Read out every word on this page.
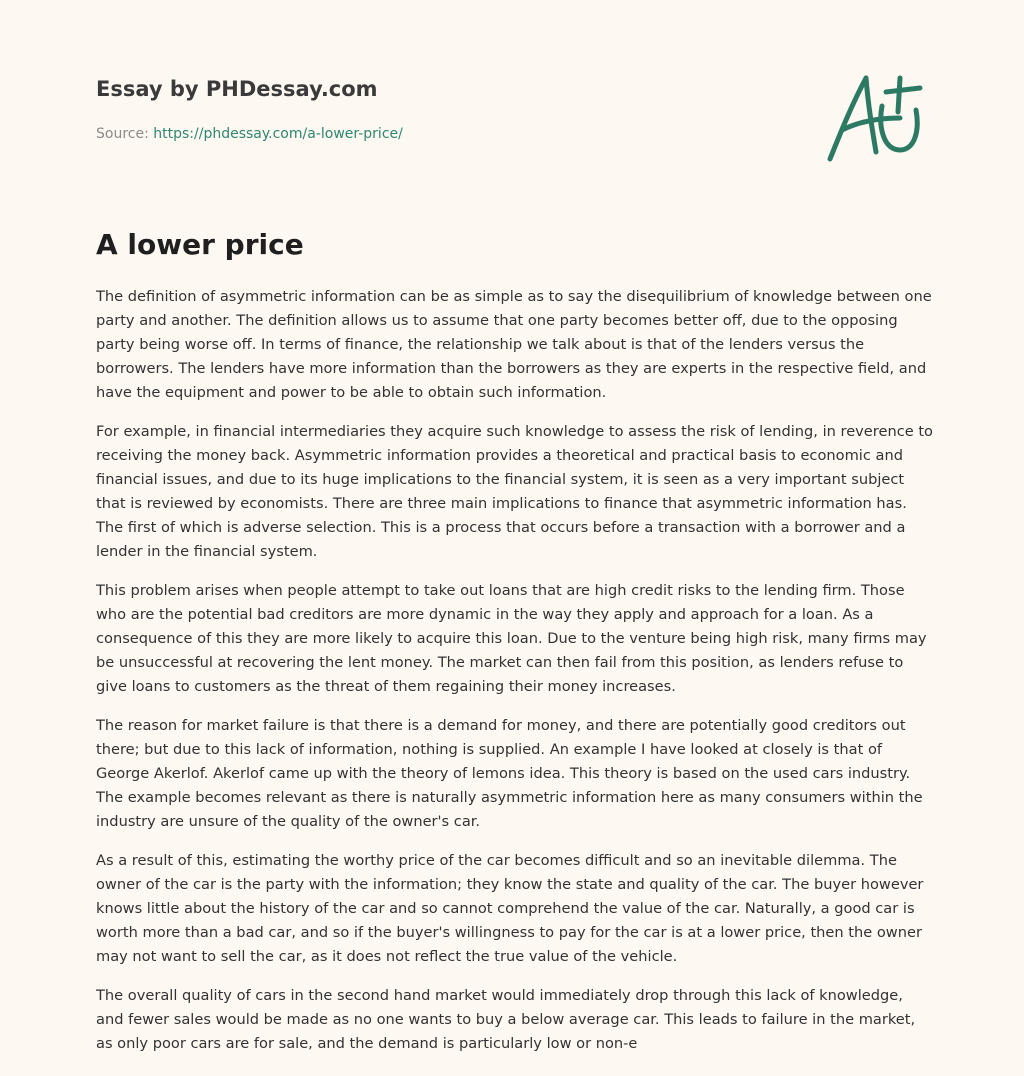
Essay by PHDessay.com
Source: https://phdessay.com/a-lower-price/
A lower price

The definition of asymmetric information can be as simple as to say the disequilibrium of knowledge between one party and another. The definition allows us to assume that one party becomes better off, due to the opposing party being worse off. In terms of finance, the relationship we talk about is that of the lenders versus the borrowers. The lenders have more information than the borrowers as they are experts in the respective field, and have the equipment and power to be able to obtain such information.

For example, in financial intermediaries they acquire such knowledge to assess the risk of lending, in reverence to receiving the money back. Asymmetric information provides a theoretical and practical basis to economic and financial issues, and due to its huge implications to the financial system, it is seen as a very important subject that is reviewed by economists. There are three main implications to finance that asymmetric information has. The first of which is adverse selection. This is a process that occurs before a transaction with a borrower and a lender in the financial system.

This problem arises when people attempt to take out loans that are high credit risks to the lending firm. Those who are the potential bad creditors are more dynamic in the way they apply and approach for a loan. As a consequence of this they are more likely to acquire this loan. Due to the venture being high risk, many firms may be unsuccessful at recovering the lent money. The market can then fail from this position, as lenders refuse to give loans to customers as the threat of them regaining their money increases.

The reason for market failure is that there is a demand for money, and there are potentially good creditors out there; but due to this lack of information, nothing is supplied. An example I have looked at closely is that of George Akerlof. Akerlof came up with the theory of lemons idea. This theory is based on the used cars industry. The example becomes relevant as there is naturally asymmetric information here as many consumers within the industry are unsure of the quality of the owner's car.

As a result of this, estimating the worthy price of the car becomes difficult and so an inevitable dilemma. The owner of the car is the party with the information; they know the state and quality of the car. The buyer however knows little about the history of the car and so cannot comprehend the value of the car. Naturally, a good car is worth more than a bad car, and so if the buyer's willingness to pay for the car is at a lower price, then the owner may not want to sell the car, as it does not reflect the true value of the vehicle.

The overall quality of cars in the second hand market would immediately drop through this lack of knowledge, and fewer sales would be made as no one wants to buy a below average car. This leads to failure in the market, as only poor cars are for sale, and the demand is particularly low or non-e
